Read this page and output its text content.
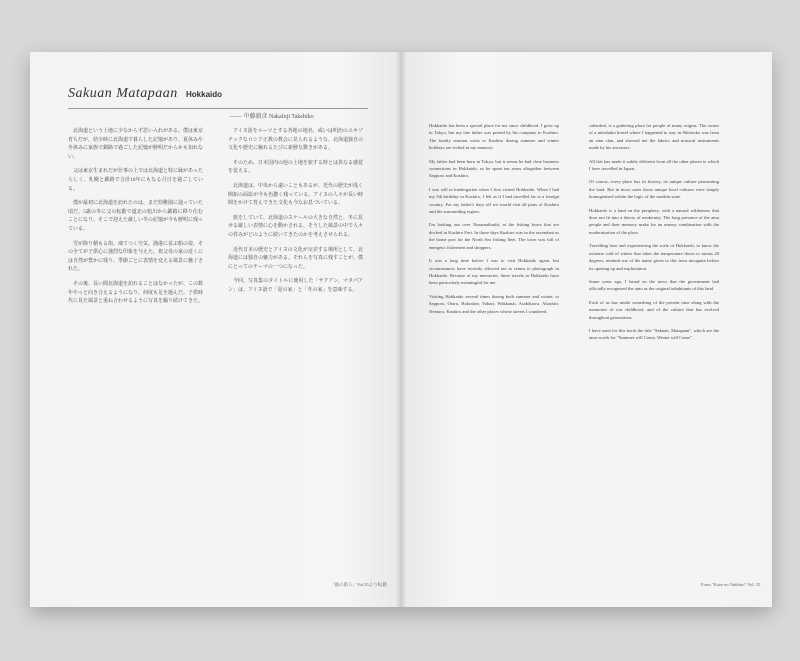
Sakuan Matapaan Hokkaido
—— 中藤毅彦 Nakafuji Takehiko

北海道という土地に少なからず思い入れがある。僕は東京育ちだが、幼少時に北海道で暮らした記憶があり、夏休みや冬休みに家族で釧路で過ごした記憶が鮮明だからかも知れない。

父は東京生まれだが仕事の上では北海道と特に縁があったらしく、札幌と釧路で合計10年にもなる月日を過ごしている。

僕が最初に北海道を訪れたのは、まだ幼稚園に通っていた頃だ。5歳の冬に父の転勤で道北の旭川から釧路に移り住むことになり、そこで迎えた厳しい冬の記憶が今も鮮明に残っている。

雪が降り積もる街、凍てつく空気、漁港に並ぶ船の姿、その全てが子供心に強烈な印象を与えた。祖父母の家の近くには自然が豊かに残り、季節ごとに表情を変える風景に魅了された。

その後、長い間北海道を訪れることはなかったが、この数年やっと向き合えるようになり、何度も足を運んだ。子供時代に見た風景と重ね合わせるように写真を撮り続けてきた。

アイヌ語をルーツとする各地の地名、或いは明治のエキゾチックなロシア正教の教会に見られるような、北海道独自の文化や歴史に触れるたびに新鮮な驚きがある。

そのため、日本国内の他の土地を旅する時とは異なる感覚を覚える。

北海道は、中央から遠いこともあるが、近代の歴史が浅く開拓の面影が今も色濃く残っている。アイヌの人々が長い時間をかけて育んできた文化も今なお息づいている。

旅をしていて、北海道のスケールの大きな自然と、冬に見せる厳しい表情に心を動かされる。そうした風景の中で人々の営みがどのように続いてきたのかを考えさせられる。

近代日本の歴史とアイヌの文化が交差する場所として、北海道には独自の魅力がある。それらを写真に残すことが、僕にとってのテーマの一つになった。

今回、写真集のタイトルに使用した「サクアン、マタパアン」は、アイヌ語で「夏の家」と「冬の家」を意味する。

「風の旅人」Vol.35より転載

Hokkaido has been a special place for me since childhood. I grew up in Tokyo, but my late father was posted by his company to Kushiro. The family reunion visits to Kushiro during summer and winter holidays are etched in my memory.

My father had been born in Tokyo, but it seems he had close business connections in Hokkaido, so he spent ten years altogether between Sapporo and Kushiro.

I was still in kindergarten when I first visited Hokkaido. When I had my 5th birthday in Kushiro, I felt as if I had travelled far to a foreign country. For my father's days off we would visit all parts of Kushiro and the surrounding region.

I'm looking out over Nusamaibashi, at the fishing boats that are docked in Kushiro Port. In those days Kushiro was in the ascendant as the home port for the North Sea fishing fleet. The town was full of energetic fishermen and shoppers.

It was a long time before I was to visit Hokkaido again, but circumstances have recently allowed me to return to photograph in Hokkaido. Because of my memories, these travels in Hokkaido have been particularly meaningful for me.

Visiting Hokkaido several times during both summer and winter, to Sapporo, Otaru, Hakodate, Yubari, Wakkanai, Asahikawa, Abashiri, Nemuro, Kushiro and the other places whose streets I wandered.

cathedral, is a gathering place for people of many origins. The owner of a minshuku hostel where I happened to stay in Shiretoko was from an ainu clan, and showed me the fabrics and musical instruments made by his ancestors.

All this has made it subtly different from all the other places to which I have travelled in Japan.

Of course, every place has its history, its unique culture permeating the land. But in most cases those unique local cultures were simply homogenised within the logic of the modern state.

Hokkaido is a land on the periphery, with a natural wilderness that does not fit into a theory of modernity. The long presence of the ainu people and their memory make for an uneasy combination with the modernisation of the place.

Travelling here and experiencing the scale of Hokkaido, to know the extreme cold of winter that takes the temperature down to minus 20 degrees, reminds me of the name given to this terra incognita before its opening up and exploitation.

Some years ago, I heard on the news that the government had officially recognised the ainu as the original inhabitants of this land.

Each of us has inside something of the present time along with the memories of our childhood, and of the culture that has evolved throughout generations.

I have used for this book the title "Sakuan, Matapaan", which are the ainu words for "Summer will Come, Winter will Come".

From "Kaze no Tabibito" Vol. 35
